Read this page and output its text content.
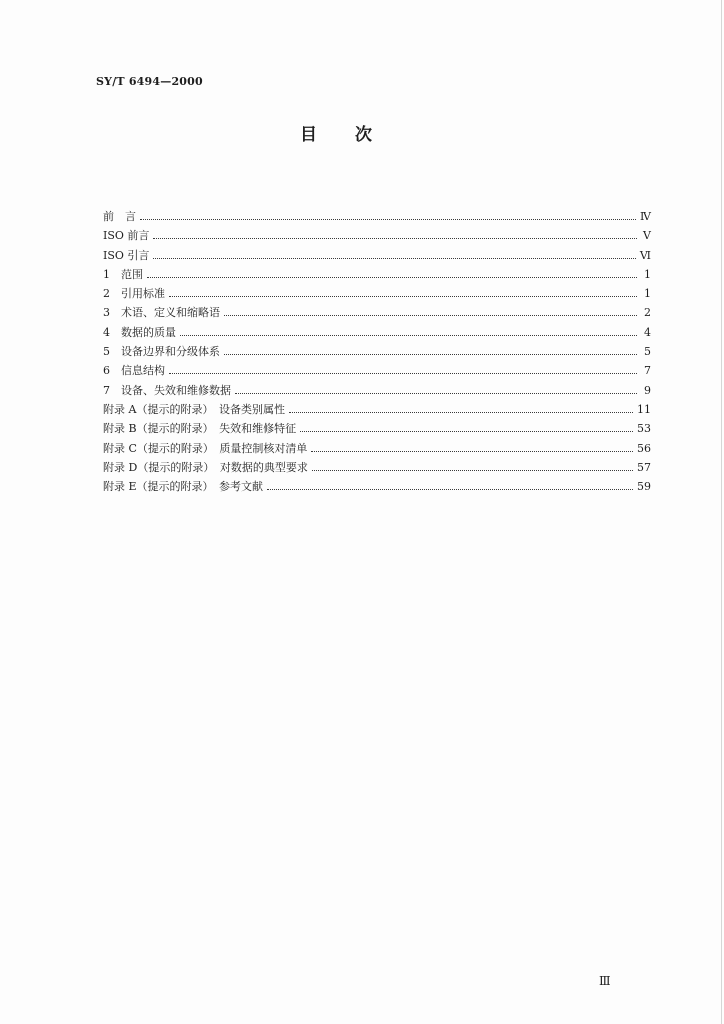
SY/T 6494—2000
目次
前　言	Ⅳ
ISO 前言	Ⅴ
ISO 引言	Ⅵ
1　范围	1
2　引用标准	1
3　术语、定义和缩略语	2
4　数据的质量	4
5　设备边界和分级体系	5
6　信息结构	7
7　设备、失效和维修数据	9
附录 A（提示的附录）　设备类别属性	11
附录 B（提示的附录）　失效和维修特征	53
附录 C（提示的附录）　质量控制核对清单	56
附录 D（提示的附录）　对数据的典型要求	57
附录 E（提示的附录）　参考文献	59
Ⅲ
